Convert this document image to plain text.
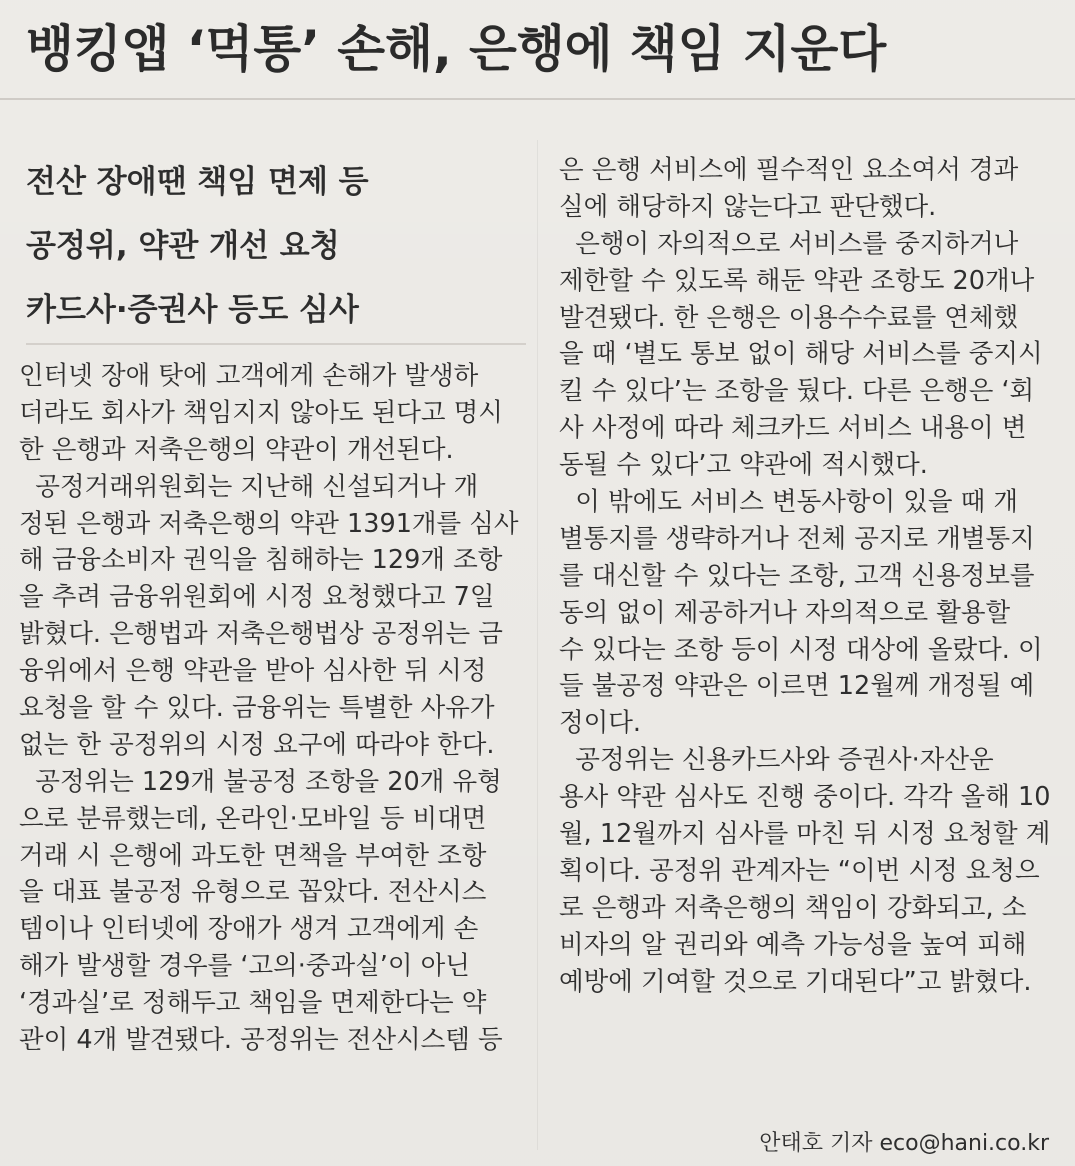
뱅킹앱 ‘먹통’ 손해, 은행에 책임 지운다
전산 장애땐 책임 면제 등
공정위, 약관 개선 요청
카드사·증권사 등도 심사
인터넷 장애 탓에 고객에게 손해가 발생하
더라도 회사가 책임지지 않아도 된다고 명시
한 은행과 저축은행의 약관이 개선된다.
공정거래위원회는 지난해 신설되거나 개
정된 은행과 저축은행의 약관 1391개를 심사
해 금융소비자 권익을 침해하는 129개 조항
을 추려 금융위원회에 시정 요청했다고 7일
밝혔다. 은행법과 저축은행법상 공정위는 금
융위에서 은행 약관을 받아 심사한 뒤 시정
요청을 할 수 있다. 금융위는 특별한 사유가
없는 한 공정위의 시정 요구에 따라야 한다.
공정위는 129개 불공정 조항을 20개 유형
으로 분류했는데, 온라인·모바일 등 비대면
거래 시 은행에 과도한 면책을 부여한 조항
을 대표 불공정 유형으로 꼽았다. 전산시스
템이나 인터넷에 장애가 생겨 고객에게 손
해가 발생할 경우를 ‘고의·중과실’이 아닌
‘경과실’로 정해두고 책임을 면제한다는 약
관이 4개 발견됐다. 공정위는 전산시스템 등
은 은행 서비스에 필수적인 요소여서 경과
실에 해당하지 않는다고 판단했다.
은행이 자의적으로 서비스를 중지하거나
제한할 수 있도록 해둔 약관 조항도 20개나
발견됐다. 한 은행은 이용수수료를 연체했
을 때 ‘별도 통보 없이 해당 서비스를 중지시
킬 수 있다’는 조항을 뒀다. 다른 은행은 ‘회
사 사정에 따라 체크카드 서비스 내용이 변
동될 수 있다’고 약관에 적시했다.
이 밖에도 서비스 변동사항이 있을 때 개
별통지를 생략하거나 전체 공지로 개별통지
를 대신할 수 있다는 조항, 고객 신용정보를
동의 없이 제공하거나 자의적으로 활용할
수 있다는 조항 등이 시정 대상에 올랐다. 이
들 불공정 약관은 이르면 12월께 개정될 예
정이다.
공정위는 신용카드사와 증권사·자산운
용사 약관 심사도 진행 중이다. 각각 올해 10
월, 12월까지 심사를 마친 뒤 시정 요청할 계
획이다. 공정위 관계자는 “이번 시정 요청으
로 은행과 저축은행의 책임이 강화되고, 소
비자의 알 권리와 예측 가능성을 높여 피해
예방에 기여할 것으로 기대된다”고 밝혔다.
안태호 기자 eco@hani.co.kr
